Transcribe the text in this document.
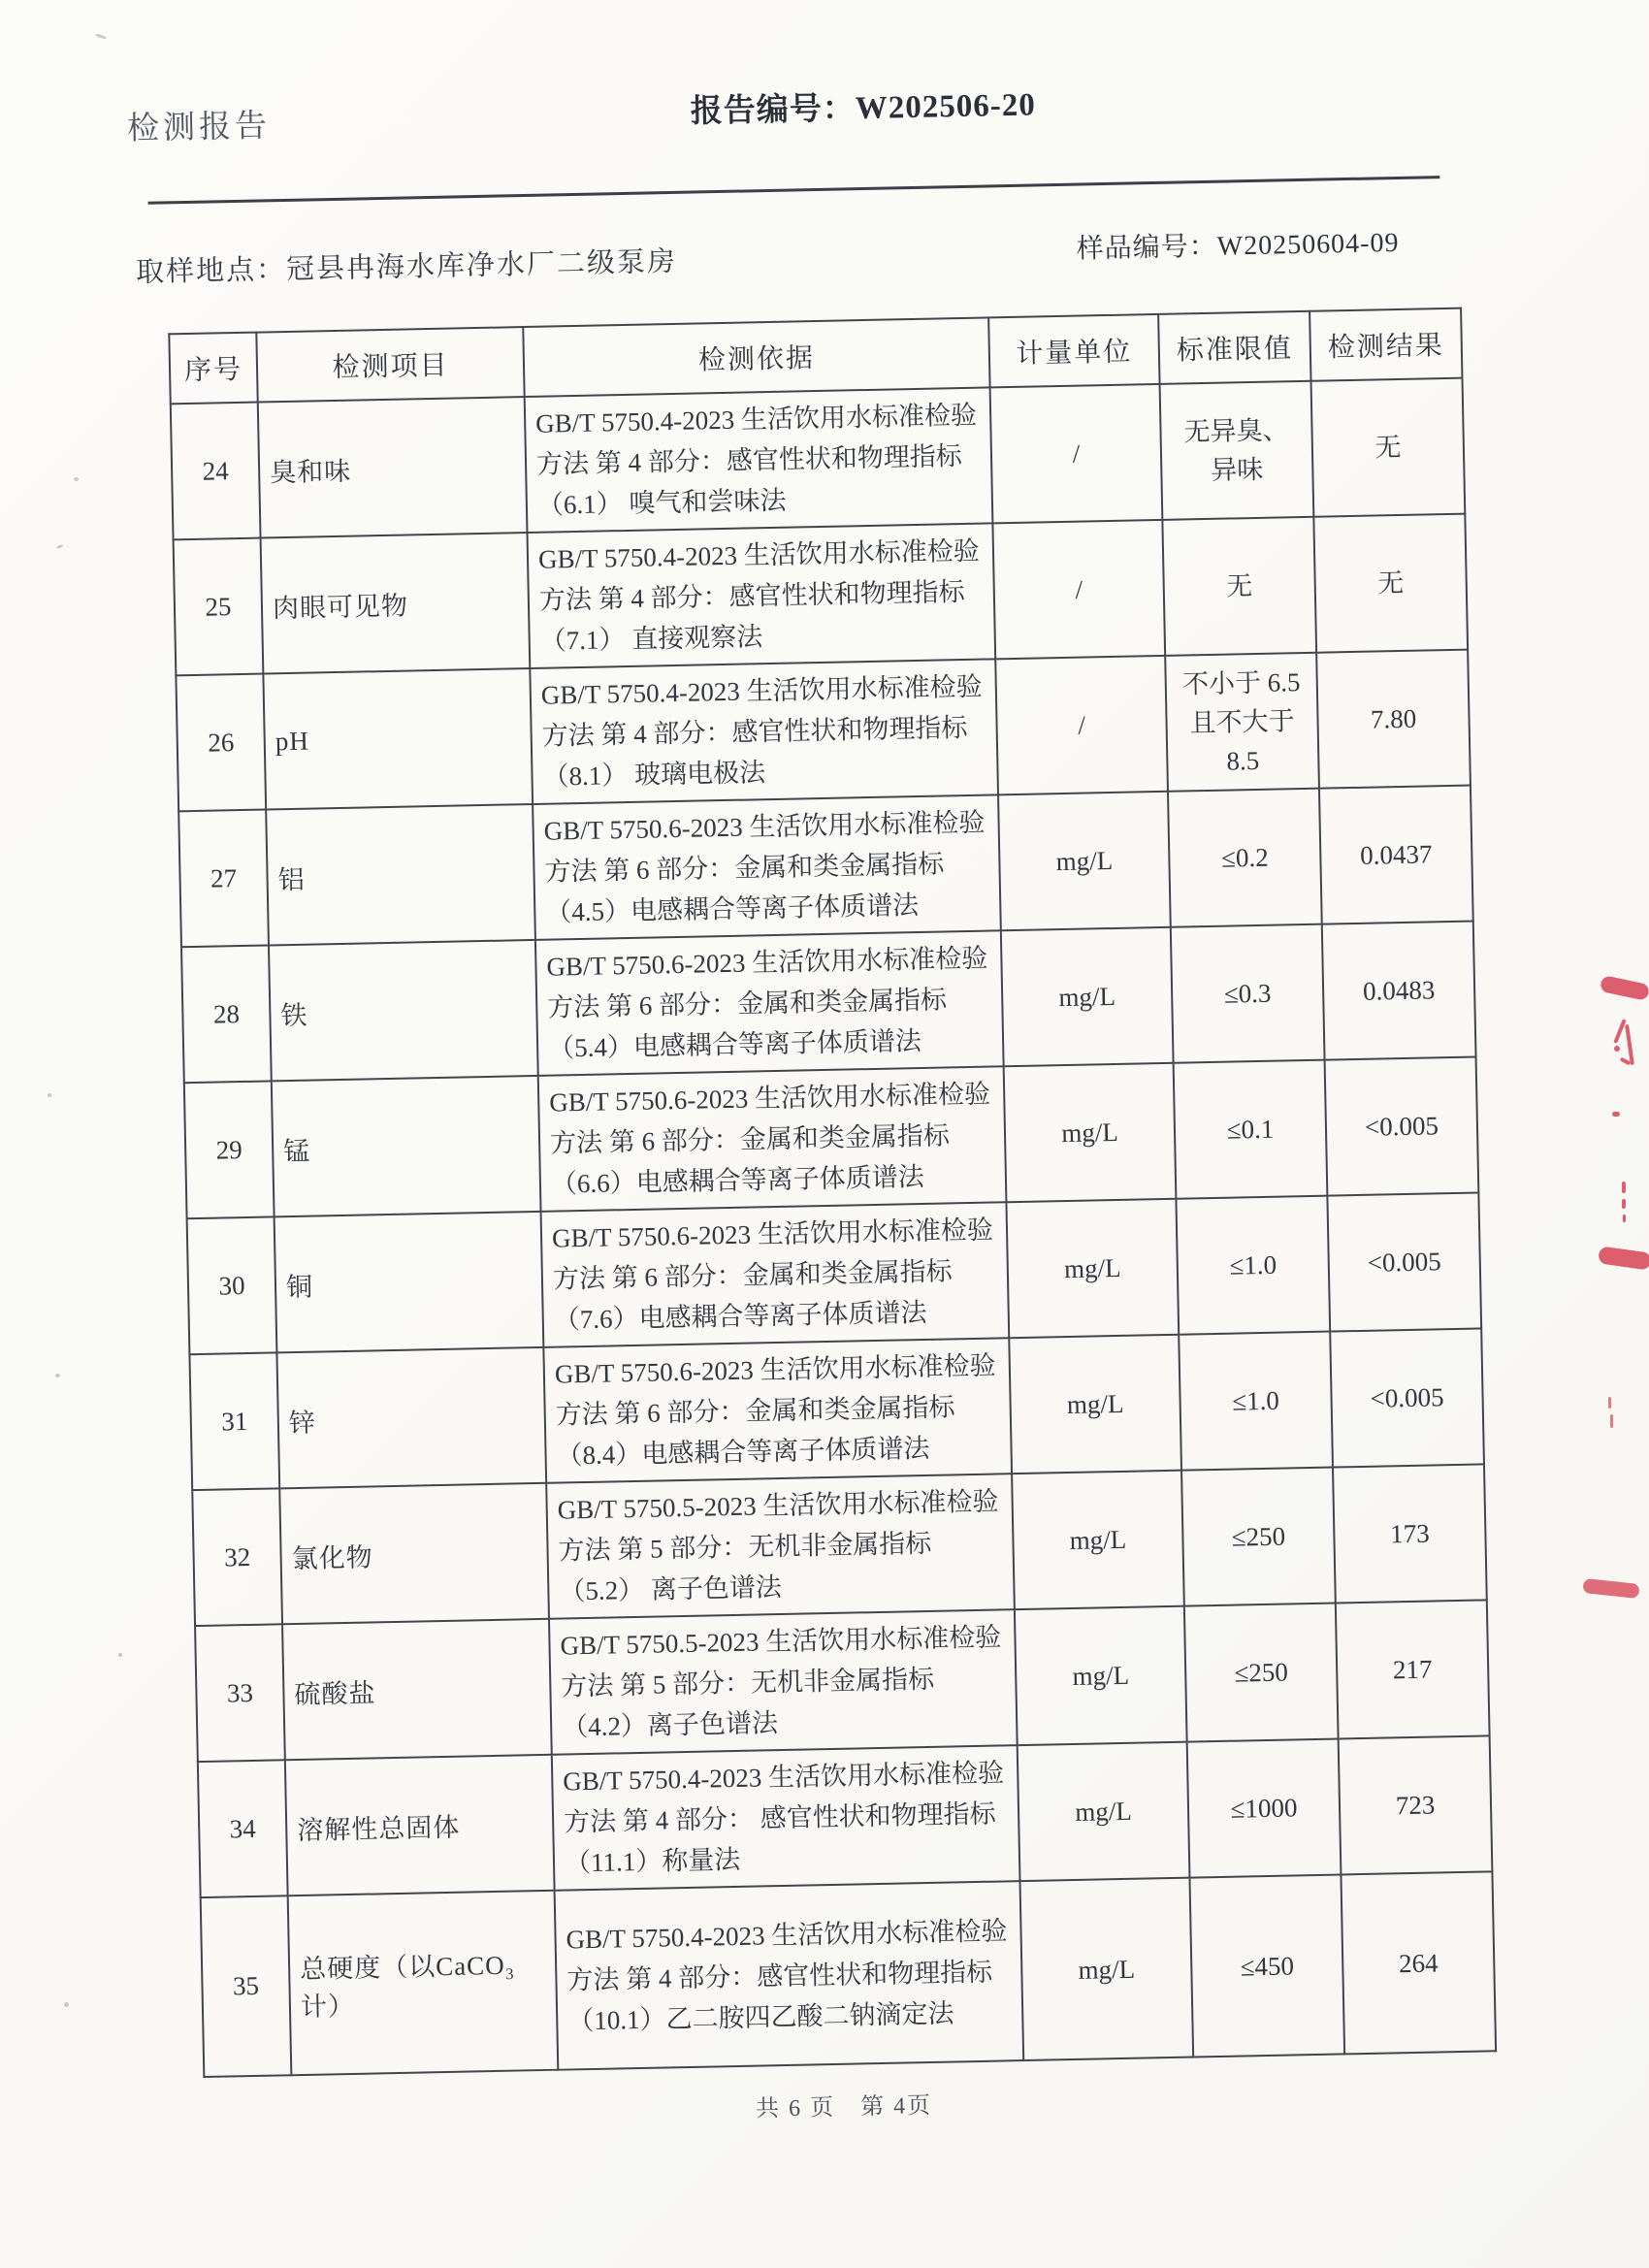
检测报告	报告编号：W202506-20
取样地点：冠县冉海水库净水厂二级泵房	样品编号：W20250604-09
序号	检测项目	检测依据	计量单位	标准限值	检测结果
24	臭和味	GB/T 5750.4-2023 生活饮用水标准检验方法 第 4 部分：感官性状和物理指标（6.1） 嗅气和尝味法	/	无异臭、异味	无
25	肉眼可见物	GB/T 5750.4-2023 生活饮用水标准检验方法 第 4 部分：感官性状和物理指标（7.1） 直接观察法	/	无	无
26	pH	GB/T 5750.4-2023 生活饮用水标准检验方法 第 4 部分：感官性状和物理指标（8.1） 玻璃电极法	/	不小于 6.5 且不大于 8.5	7.80
27	铝	GB/T 5750.6-2023 生活饮用水标准检验方法 第 6 部分：金属和类金属指标（4.5）电感耦合等离子体质谱法	mg/L	≤0.2	0.0437
28	铁	GB/T 5750.6-2023 生活饮用水标准检验方法 第 6 部分：金属和类金属指标（5.4）电感耦合等离子体质谱法	mg/L	≤0.3	0.0483
29	锰	GB/T 5750.6-2023 生活饮用水标准检验方法 第 6 部分：金属和类金属指标（6.6）电感耦合等离子体质谱法	mg/L	≤0.1	<0.005
30	铜	GB/T 5750.6-2023 生活饮用水标准检验方法 第 6 部分：金属和类金属指标（7.6）电感耦合等离子体质谱法	mg/L	≤1.0	<0.005
31	锌	GB/T 5750.6-2023 生活饮用水标准检验方法 第 6 部分：金属和类金属指标（8.4）电感耦合等离子体质谱法	mg/L	≤1.0	<0.005
32	氯化物	GB/T 5750.5-2023 生活饮用水标准检验方法 第 5 部分：无机非金属指标（5.2） 离子色谱法	mg/L	≤250	173
33	硫酸盐	GB/T 5750.5-2023 生活饮用水标准检验方法 第 5 部分：无机非金属指标 （4.2）离子色谱法	mg/L	≤250	217
34	溶解性总固体	GB/T 5750.4-2023 生活饮用水标准检验方法 第 4 部分： 感官性状和物理指标（11.1）称量法	mg/L	≤1000	723
35	总硬度（以CaCO₃计）	GB/T 5750.4-2023 生活饮用水标准检验方法 第 4 部分：感官性状和物理指标 （10.1）乙二胺四乙酸二钠滴定法	mg/L	≤450	264
共 6 页　第 4页
